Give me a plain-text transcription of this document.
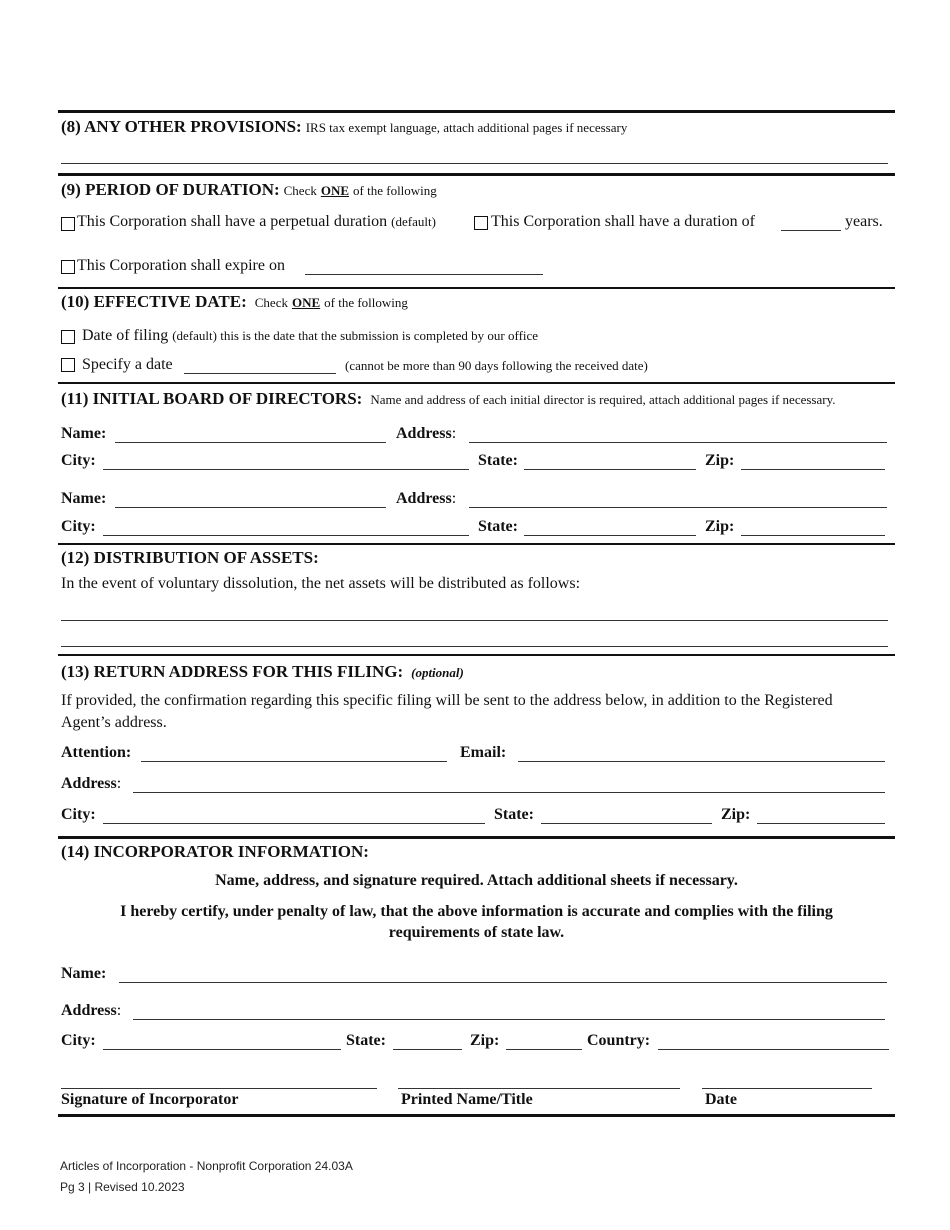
(8) ANY OTHER PROVISIONS: IRS tax exempt language, attach additional pages if necessary
(9) PERIOD OF DURATION: Check ONE of the following
This Corporation shall have a perpetual duration (default)	This Corporation shall have a duration of	years.
This Corporation shall expire on
(10) EFFECTIVE DATE: Check ONE of the following
Date of filing (default) this is the date that the submission is completed by our office
Specify a date	(cannot be more than 90 days following the received date)
(11) INITIAL BOARD OF DIRECTORS: Name and address of each initial director is required, attach additional pages if necessary.
Name:	Address:
City:	State:	Zip:
Name:	Address:
City:	State:	Zip:
(12) DISTRIBUTION OF ASSETS:
In the event of voluntary dissolution, the net assets will be distributed as follows:
(13) RETURN ADDRESS FOR THIS FILING: (optional)
If provided, the confirmation regarding this specific filing will be sent to the address below, in addition to the Registered
Agent’s address.
Attention:	Email:
Address:
City:	State:	Zip:
(14) INCORPORATOR INFORMATION:
Name, address, and signature required. Attach additional sheets if necessary.
I hereby certify, under penalty of law, that the above information is accurate and complies with the filing
requirements of state law.
Name:
Address:
City:	State:	Zip:	Country:
Signature of Incorporator	Printed Name/Title	Date
Articles of Incorporation - Nonprofit Corporation 24.03A
Pg 3 | Revised 10.2023
